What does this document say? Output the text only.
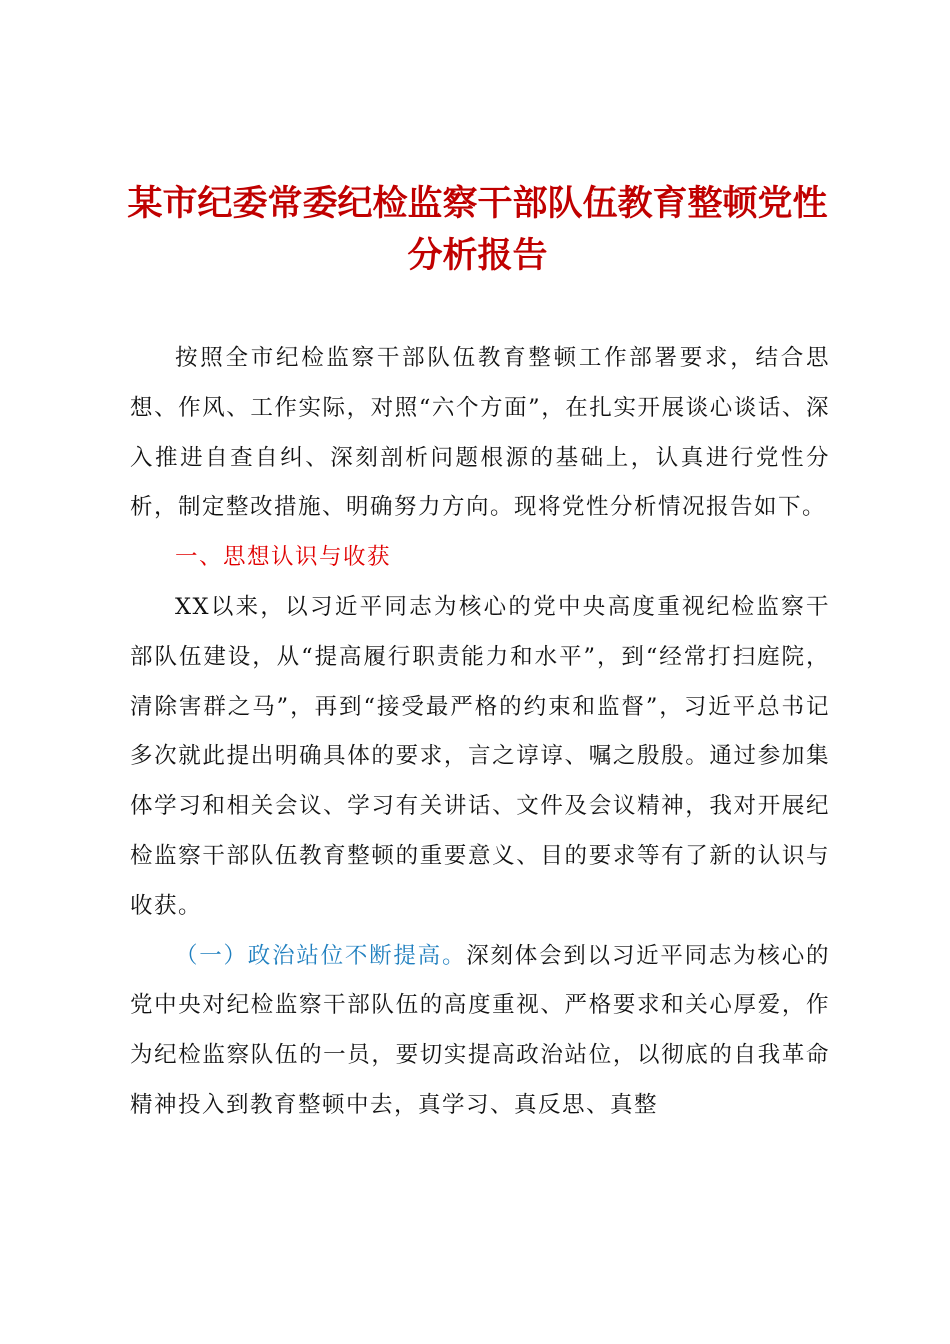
某市纪委常委纪检监察干部队伍教育整顿党性
分析报告

按照全市纪检监察干部队伍教育整顿工作部署要求，结合思想、作风、工作实际，对照“六个方面”，在扎实开展谈心谈话、深入推进自查自纠、深刻剖析问题根源的基础上，认真进行党性分析，制定整改措施、明确努力方向。现将党性分析情况报告如下。

一、思想认识与收获

XX以来，以习近平同志为核心的党中央高度重视纪检监察干部队伍建设，从“提高履行职责能力和水平”，到“经常打扫庭院，清除害群之马”，再到“接受最严格的约束和监督”，习近平总书记多次就此提出明确具体的要求，言之谆谆、嘱之殷殷。通过参加集体学习和相关会议、学习有关讲话、文件及会议精神，我对开展纪检监察干部队伍教育整顿的重要意义、目的要求等有了新的认识与收获。

（一）政治站位不断提高。深刻体会到以习近平同志为核心的党中央对纪检监察干部队伍的高度重视、严格要求和关心厚爱，作为纪检监察队伍的一员，要切实提高政治站位，以彻底的自我革命精神投入到教育整顿中去，真学习、真反思、真整
